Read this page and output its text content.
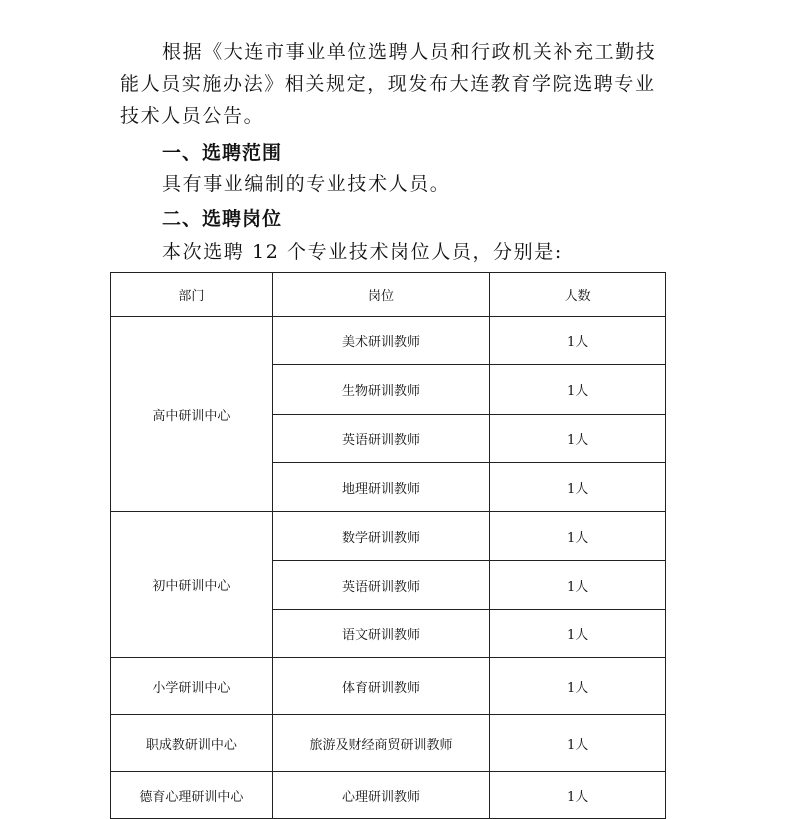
根据《大连市事业单位选聘人员和行政机关补充工勤技
能人员实施办法》相关规定，现发布大连教育学院选聘专业
技术人员公告。
一、选聘范围
具有事业编制的专业技术人员。
二、选聘岗位
本次选聘 12 个专业技术岗位人员，分别是:
部门	岗位	人数
高中研训中心	美术研训教师	1人
	生物研训教师	1人
	英语研训教师	1人
	地理研训教师	1人
初中研训中心	数学研训教师	1人
	英语研训教师	1人
	语文研训教师	1人
小学研训中心	体育研训教师	1人
职成教研训中心	旅游及财经商贸研训教师	1人
德育心理研训中心	心理研训教师	1人
